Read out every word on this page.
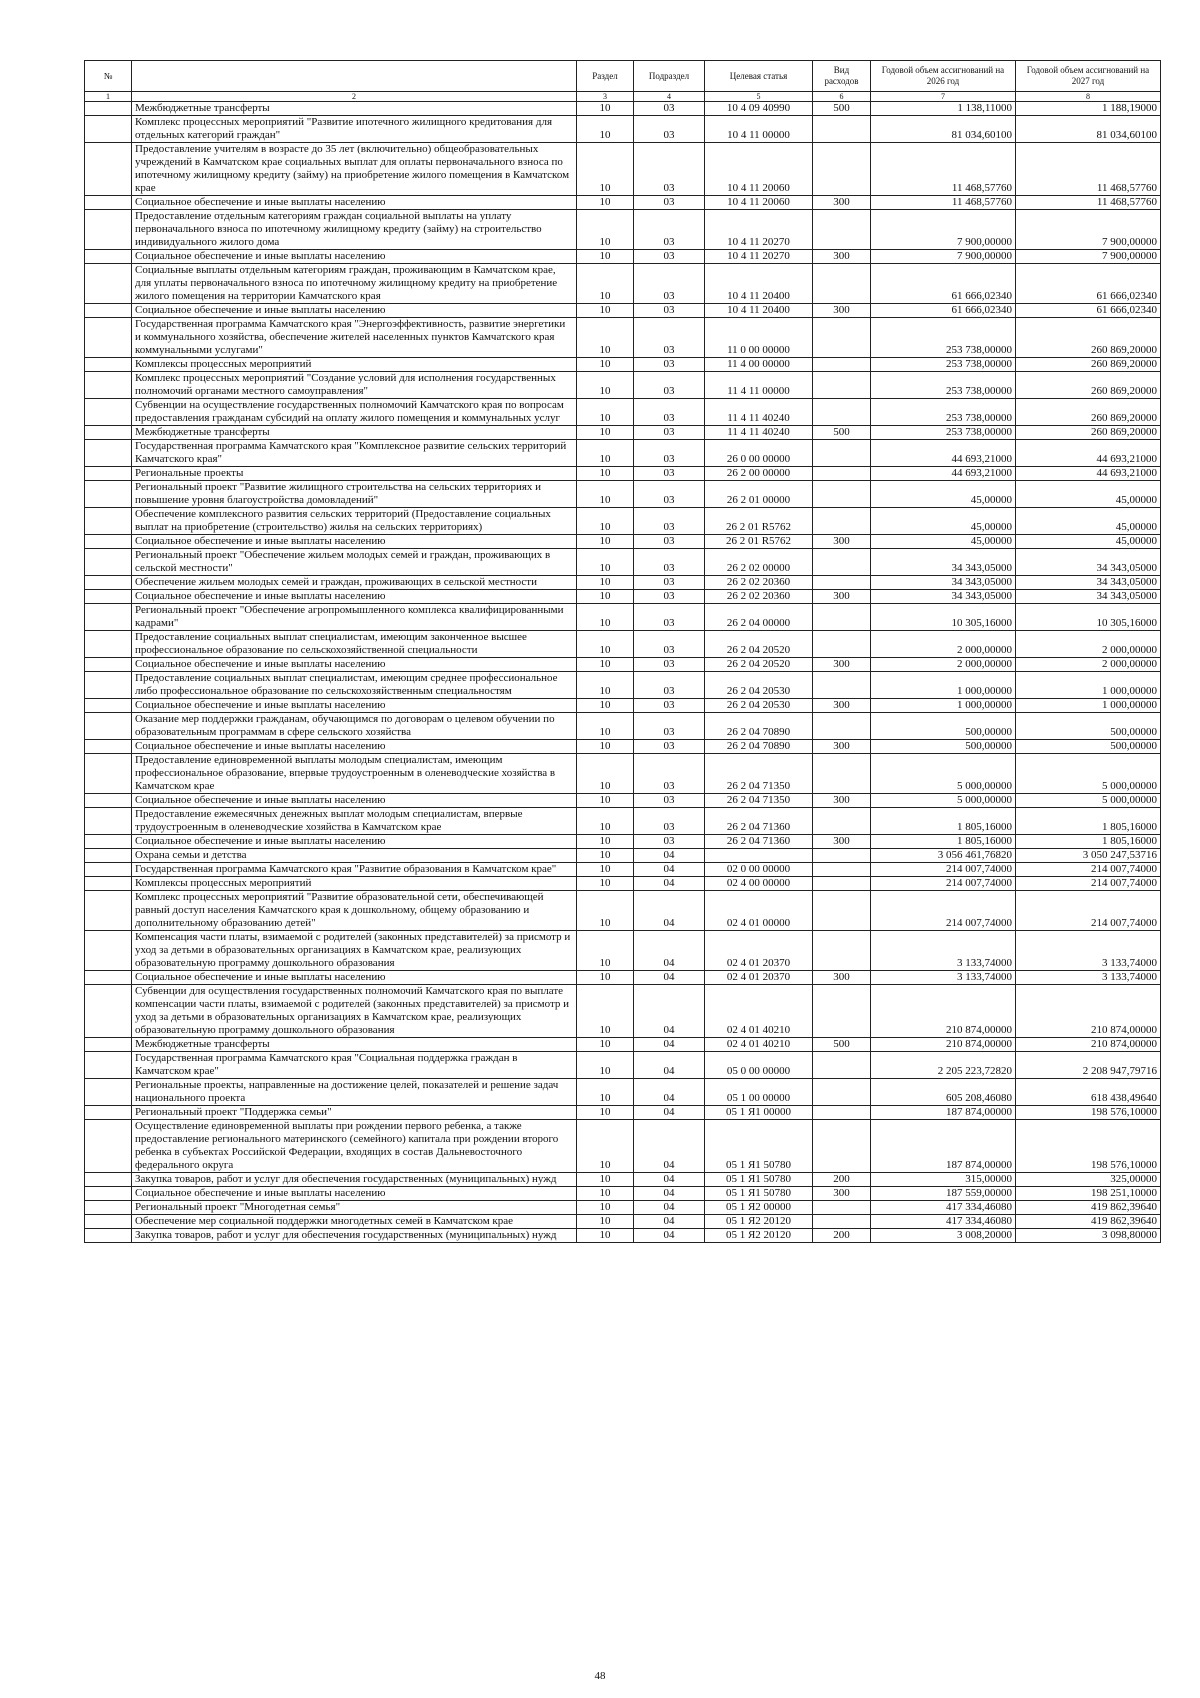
№		Раздел	Подраздел	Целевая статья	Вид расходов	Годовой объем ассигнований на 2026 год	Годовой объем ассигнований на 2027 год
1	2	3	4	5	6	7	8
	Межбюджетные трансферты	10	03	10 4 09 40990	500	1 138,11000	1 188,19000
	Комплекс процессных мероприятий "Развитие ипотечного жилищного кредитования для отдельных категорий граждан"	10	03	10 4 11 00000		81 034,60100	81 034,60100
	Предоставление учителям в возрасте до 35 лет (включительно) общеобразовательных учреждений в Камчатском крае социальных выплат для оплаты первоначального взноса по ипотечному жилищному кредиту (займу) на приобретение жилого помещения в Камчатском крае	10	03	10 4 11 20060		11 468,57760	11 468,57760
	Социальное обеспечение и иные выплаты населению	10	03	10 4 11 20060	300	11 468,57760	11 468,57760
	Предоставление отдельным категориям граждан социальной выплаты на уплату первоначального взноса по ипотечному жилищному кредиту (займу) на строительство индивидуального жилого дома	10	03	10 4 11 20270		7 900,00000	7 900,00000
	Социальное обеспечение и иные выплаты населению	10	03	10 4 11 20270	300	7 900,00000	7 900,00000
	Социальные выплаты отдельным категориям граждан, проживающим в Камчатском крае, для уплаты первоначального взноса по ипотечному жилищному кредиту на приобретение жилого помещения на территории Камчатского края	10	03	10 4 11 20400		61 666,02340	61 666,02340
	Социальное обеспечение и иные выплаты населению	10	03	10 4 11 20400	300	61 666,02340	61 666,02340
	Государственная программа Камчатского края "Энергоэффективность, развитие энергетики и коммунального хозяйства, обеспечение жителей населенных пунктов Камчатского края коммунальными услугами"	10	03	11 0 00 00000		253 738,00000	260 869,20000
	Комплексы процессных мероприятий	10	03	11 4 00 00000		253 738,00000	260 869,20000
	Комплекс процессных мероприятий "Создание условий для исполнения государственных полномочий органами местного самоуправления"	10	03	11 4 11 00000		253 738,00000	260 869,20000
	Субвенции на осуществление государственных полномочий Камчатского края по вопросам предоставления гражданам субсидий на оплату жилого помещения и коммунальных услуг	10	03	11 4 11 40240		253 738,00000	260 869,20000
	Межбюджетные трансферты	10	03	11 4 11 40240	500	253 738,00000	260 869,20000
	Государственная программа Камчатского края "Комплексное развитие сельских территорий Камчатского края"	10	03	26 0 00 00000		44 693,21000	44 693,21000
	Региональные проекты	10	03	26 2 00 00000		44 693,21000	44 693,21000
	Региональный проект "Развитие жилищного строительства на сельских территориях и повышение уровня благоустройства домовладений"	10	03	26 2 01 00000		45,00000	45,00000
	Обеспечение комплексного развития сельских территорий (Предоставление социальных выплат на приобретение (строительство) жилья на сельских территориях)	10	03	26 2 01 R5762		45,00000	45,00000
	Социальное обеспечение и иные выплаты населению	10	03	26 2 01 R5762	300	45,00000	45,00000
	Региональный проект "Обеспечение жильем молодых семей и граждан, проживающих в сельской местности"	10	03	26 2 02 00000		34 343,05000	34 343,05000
	Обеспечение жильем молодых семей и граждан, проживающих в сельской местности	10	03	26 2 02 20360		34 343,05000	34 343,05000
	Социальное обеспечение и иные выплаты населению	10	03	26 2 02 20360	300	34 343,05000	34 343,05000
	Региональный проект "Обеспечение агропромышленного комплекса квалифицированными кадрами"	10	03	26 2 04 00000		10 305,16000	10 305,16000
	Предоставление социальных выплат специалистам, имеющим законченное высшее профессиональное образование по сельскохозяйственной специальности	10	03	26 2 04 20520		2 000,00000	2 000,00000
	Социальное обеспечение и иные выплаты населению	10	03	26 2 04 20520	300	2 000,00000	2 000,00000
	Предоставление социальных выплат специалистам, имеющим среднее профессиональное либо профессиональное образование по сельскохозяйственным специальностям	10	03	26 2 04 20530		1 000,00000	1 000,00000
	Социальное обеспечение и иные выплаты населению	10	03	26 2 04 20530	300	1 000,00000	1 000,00000
	Оказание мер поддержки гражданам, обучающимся по договорам о целевом обучении по образовательным программам в сфере сельского хозяйства	10	03	26 2 04 70890		500,00000	500,00000
	Социальное обеспечение и иные выплаты населению	10	03	26 2 04 70890	300	500,00000	500,00000
	Предоставление единовременной выплаты молодым специалистам, имеющим профессиональное образование, впервые трудоустроенным в оленеводческие хозяйства в Камчатском крае	10	03	26 2 04 71350		5 000,00000	5 000,00000
	Социальное обеспечение и иные выплаты населению	10	03	26 2 04 71350	300	5 000,00000	5 000,00000
	Предоставление ежемесячных денежных выплат молодым специалистам, впервые трудоустроенным в оленеводческие хозяйства в Камчатском крае	10	03	26 2 04 71360		1 805,16000	1 805,16000
	Социальное обеспечение и иные выплаты населению	10	03	26 2 04 71360	300	1 805,16000	1 805,16000
	Охрана семьи и детства	10	04			3 056 461,76820	3 050 247,53716
	Государственная программа Камчатского края "Развитие образования в Камчатском крае"	10	04	02 0 00 00000		214 007,74000	214 007,74000
	Комплексы процессных мероприятий	10	04	02 4 00 00000		214 007,74000	214 007,74000
	Комплекс процессных мероприятий "Развитие образовательной сети, обеспечивающей равный доступ населения Камчатского края к дошкольному, общему образованию и дополнительному образованию детей"	10	04	02 4 01 00000		214 007,74000	214 007,74000
	Компенсация части платы, взимаемой с родителей (законных представителей) за присмотр и уход за детьми в образовательных организациях в Камчатском крае, реализующих образовательную программу дошкольного образования	10	04	02 4 01 20370		3 133,74000	3 133,74000
	Социальное обеспечение и иные выплаты населению	10	04	02 4 01 20370	300	3 133,74000	3 133,74000
	Субвенции для осуществления государственных полномочий Камчатского края по выплате компенсации части платы, взимаемой с родителей (законных представителей) за присмотр и уход за детьми в образовательных организациях в Камчатском крае, реализующих образовательную программу дошкольного образования	10	04	02 4 01 40210		210 874,00000	210 874,00000
	Межбюджетные трансферты	10	04	02 4 01 40210	500	210 874,00000	210 874,00000
	Государственная программа Камчатского края "Социальная поддержка граждан в Камчатском крае"	10	04	05 0 00 00000		2 205 223,72820	2 208 947,79716
	Региональные проекты, направленные на достижение целей, показателей и решение задач национального проекта	10	04	05 1 00 00000		605 208,46080	618 438,49640
	Региональный проект "Поддержка семьи"	10	04	05 1 Я1 00000		187 874,00000	198 576,10000
	Осуществление единовременной выплаты при рождении первого ребенка, а также предоставление регионального материнского (семейного) капитала при рождении второго ребенка в субъектах Российской Федерации, входящих в состав Дальневосточного федерального округа	10	04	05 1 Я1 50780		187 874,00000	198 576,10000
	Закупка товаров, работ и услуг для обеспечения государственных (муниципальных) нужд	10	04	05 1 Я1 50780	200	315,00000	325,00000
	Социальное обеспечение и иные выплаты населению	10	04	05 1 Я1 50780	300	187 559,00000	198 251,10000
	Региональный проект "Многодетная семья"	10	04	05 1 Я2 00000		417 334,46080	419 862,39640
	Обеспечение мер социальной поддержки многодетных семей в Камчатском крае	10	04	05 1 Я2 20120		417 334,46080	419 862,39640
	Закупка товаров, работ и услуг для обеспечения государственных (муниципальных) нужд	10	04	05 1 Я2 20120	200	3 008,20000	3 098,80000
48
